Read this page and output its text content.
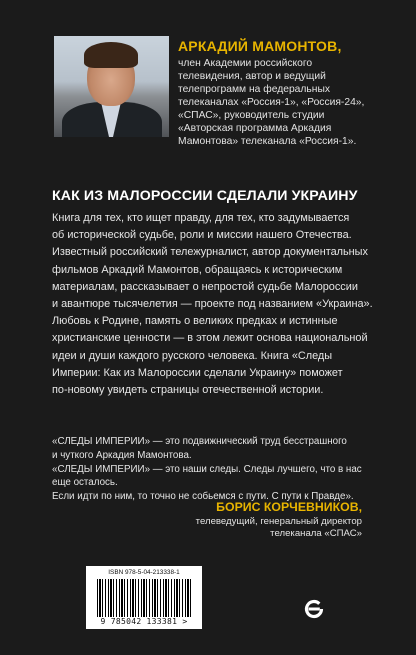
АРКАДИЙ МАМОНТОВ,
член Академии российского
телевидения, автор и ведущий
телепрограмм на федеральных
телеканалах «Россия-1», «Россия-24»,
«СПАС», руководитель студии
«Авторская программа Аркадия
Мамонтова» телеканала «Россия-1».
КАК ИЗ МАЛОРОССИИ СДЕЛАЛИ УКРАИНУ
Книга для тех, кто ищет правду, для тех, кто задумывается
об исторической судьбе, роли и миссии нашего Отечества.
Известный российский тележурналист, автор документальных
фильмов Аркадий Мамонтов, обращаясь к историческим
материалам, рассказывает о непростой судьбе Малороссии
и авантюре тысячелетия — проекте под названием «Украина».
Любовь к Родине, память о великих предках и истинные
христианские ценности — в этом лежит основа национальной
идеи и души каждого русского человека. Книга «Следы
Империи: Как из Малороссии сделали Украину» поможет
по-новому увидеть страницы отечественной истории.
«СЛЕДЫ ИМПЕРИИ» — это подвижнический труд бесстрашного
и чуткого Аркадия Мамонтова.
«СЛЕДЫ ИМПЕРИИ» — это наши следы. Следы лучшего, что в нас
еще осталось.
Если идти по ним, то точно не собьемся с пути. С пути к Правде».
БОРИС КОРЧЕВНИКОВ,
телеведущий, генеральный директор
телеканала «СПАС»
ISBN 978-5-04-213338-1
9 785042 133381 >
